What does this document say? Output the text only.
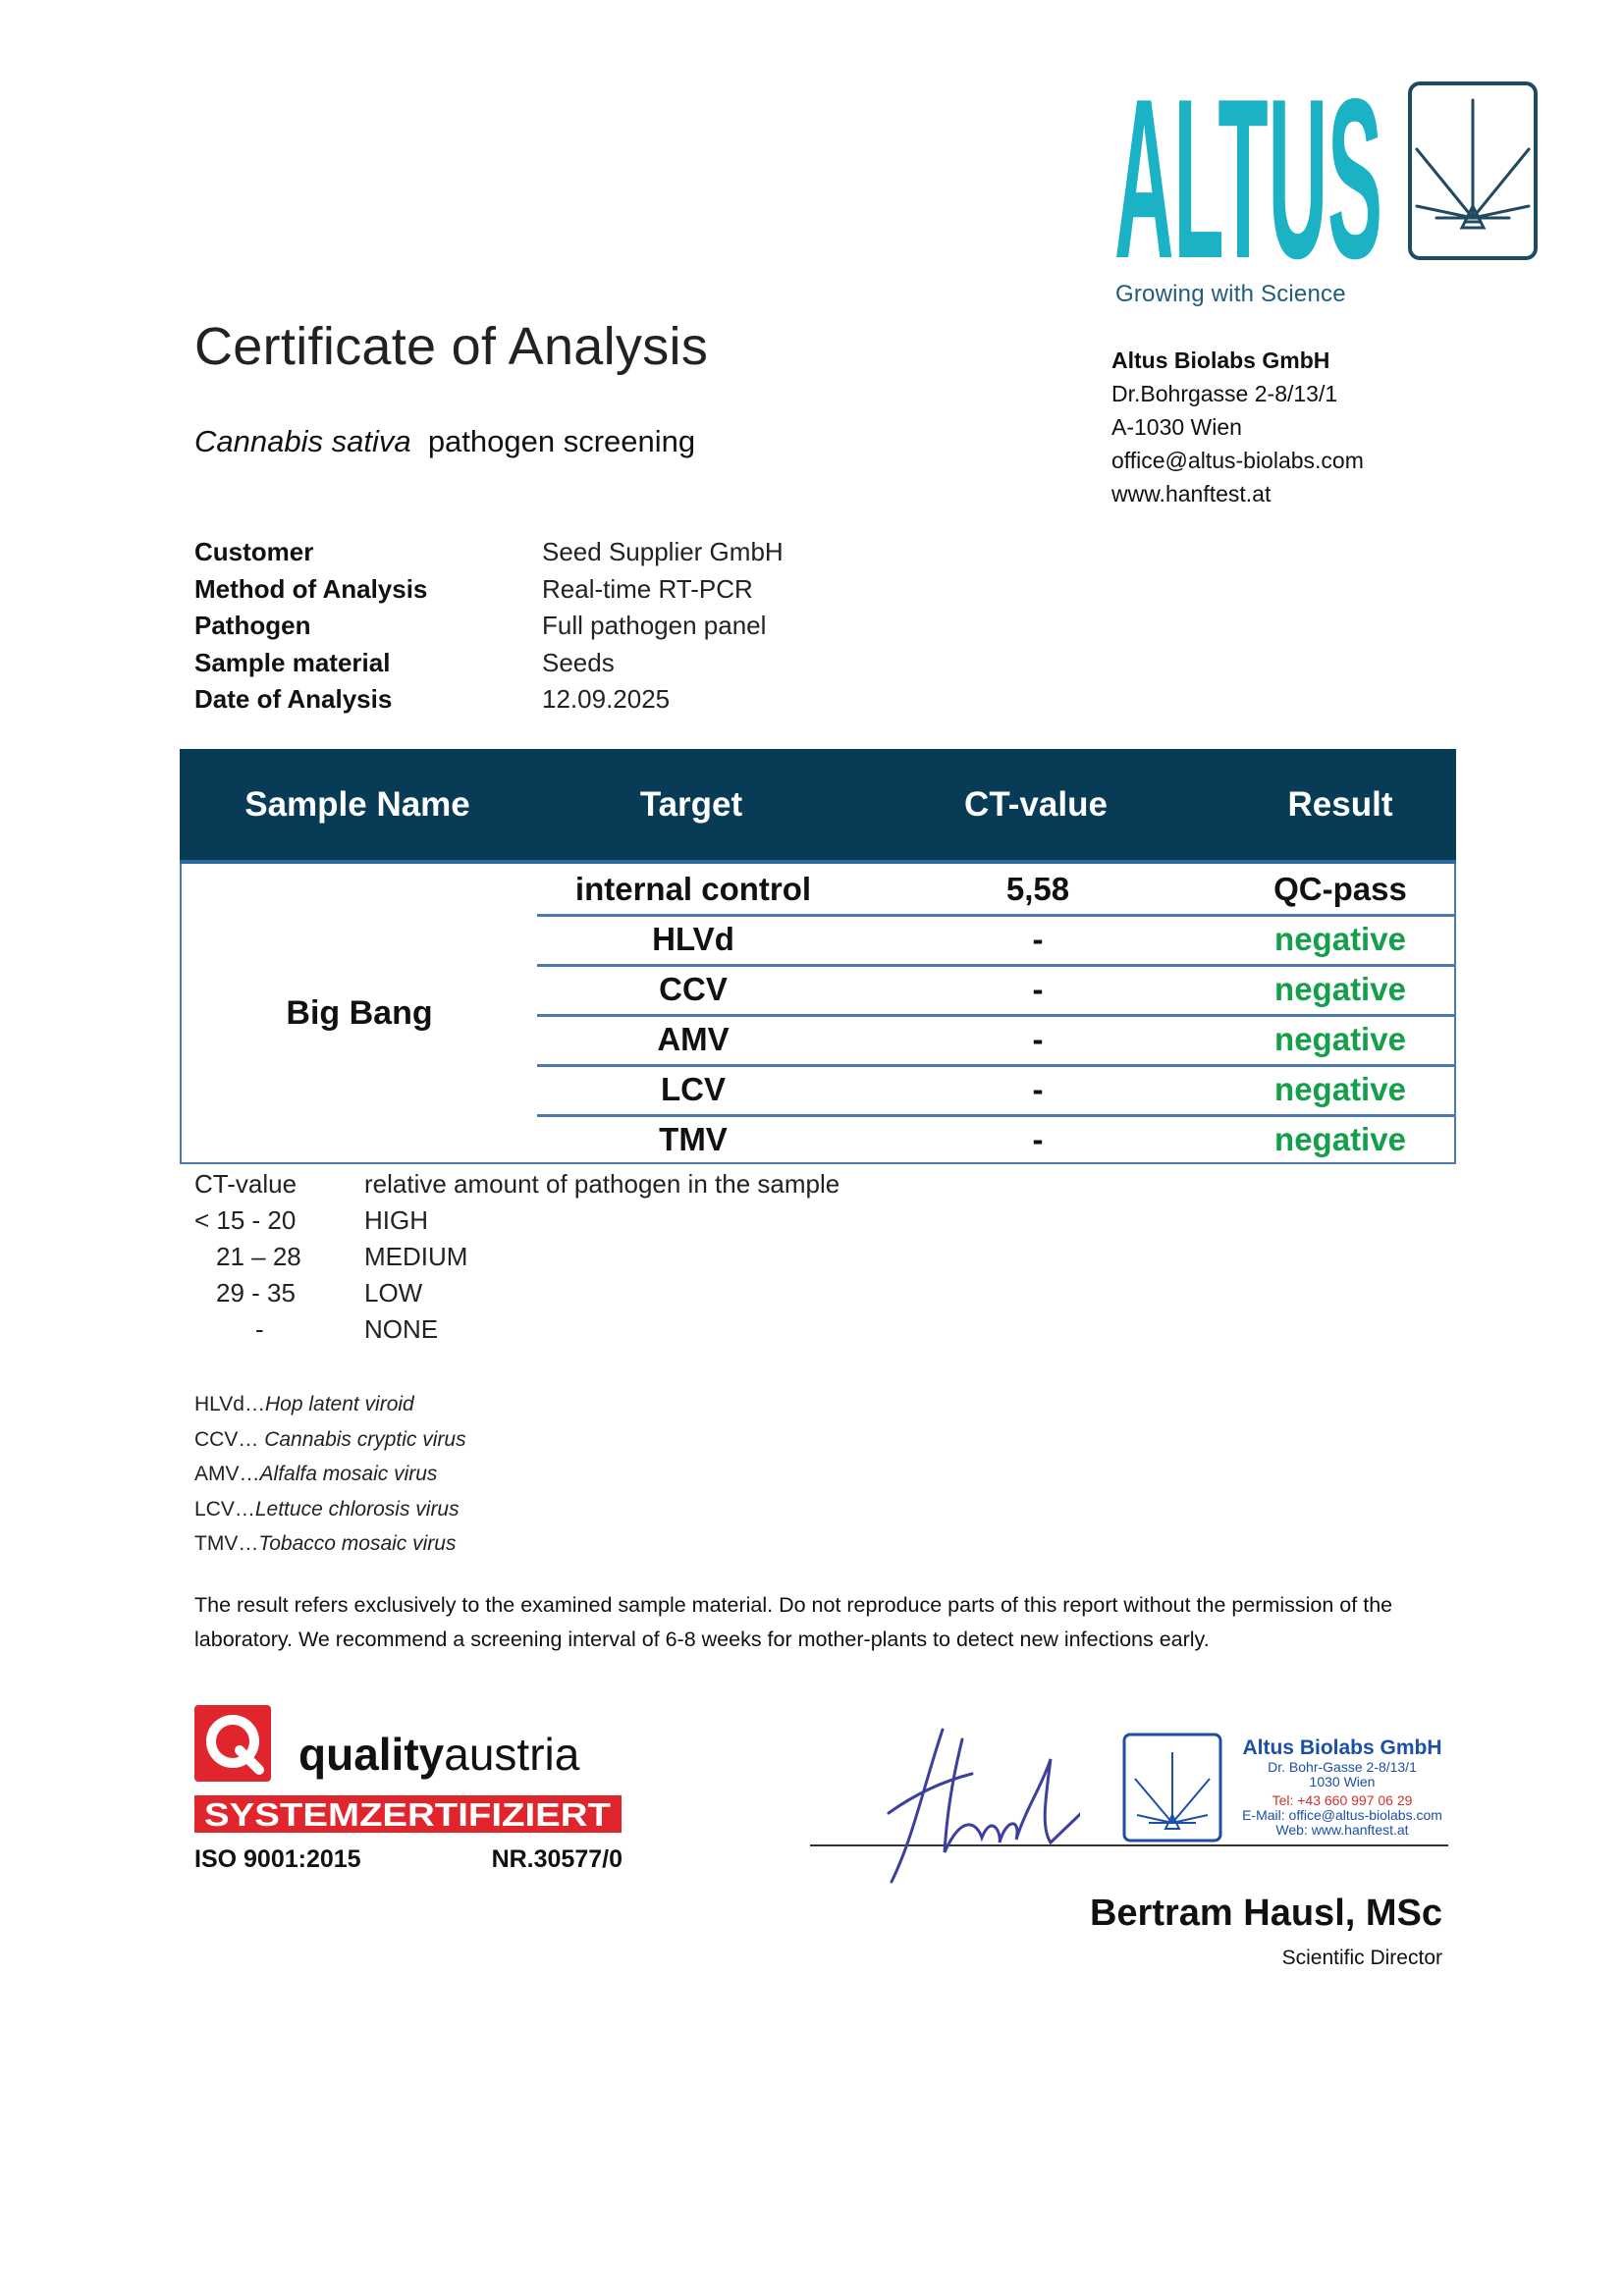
ALTUS
Growing with Science
Altus Biolabs GmbH
Dr.Bohrgasse 2-8/13/1
A-1030 Wien
office@altus-biolabs.com
www.hanftest.at
Certificate of Analysis
Cannabis sativa pathogen screening
Customer	Seed Supplier GmbH
Method of Analysis	Real-time RT-PCR
Pathogen	Full pathogen panel
Sample material	Seeds
Date of Analysis	12.09.2025
Sample Name	Target	CT-value	Result
Big Bang
internal control	5,58	QC-pass
HLVd	-	negative
CCV	-	negative
AMV	-	negative
LCV	-	negative
TMV	-	negative
CT-value	relative amount of pathogen in the sample
< 15 - 20	HIGH
21 – 28	MEDIUM
29 - 35	LOW
-	NONE
HLVd…Hop latent viroid
CCV… Cannabis cryptic virus
AMV…Alfalfa mosaic virus
LCV…Lettuce chlorosis virus
TMV…Tobacco mosaic virus
The result refers exclusively to the examined sample material. Do not reproduce parts of this report without the permission of the laboratory. We recommend a screening interval of 6-8 weeks for mother-plants to detect new infections early.
qualityaustria
SYSTEMZERTIFIZIERT
ISO 9001:2015	NR.30577/0
Altus Biolabs GmbH
Dr. Bohr-Gasse 2-8/13/1
1030 Wien
Tel: +43 660 997 06 29
E-Mail: office@altus-biolabs.com
Web: www.hanftest.at
Bertram Hausl, MSc
Scientific Director
